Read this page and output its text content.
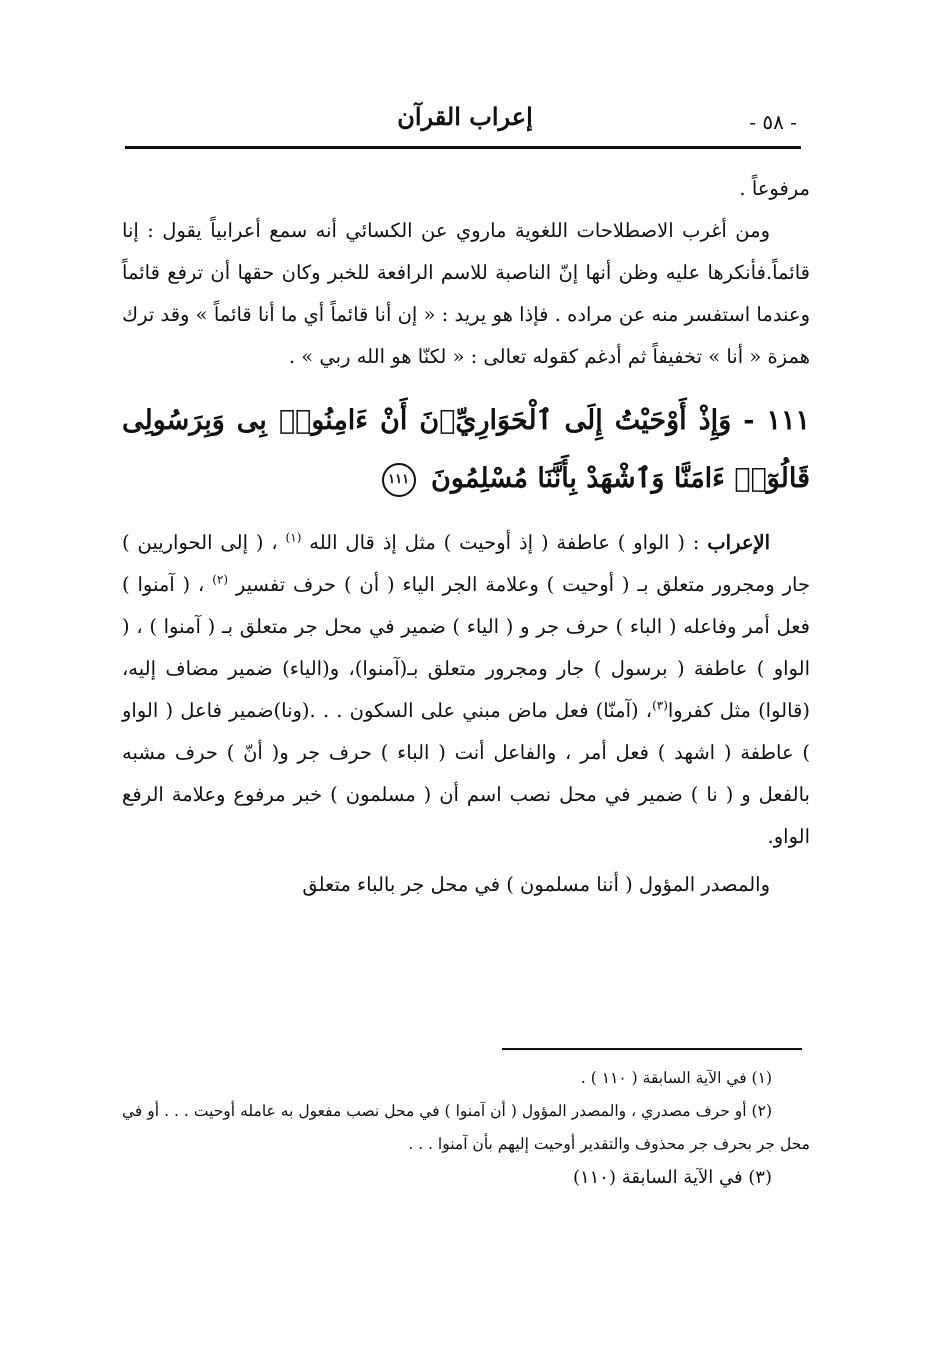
إعراب القرآن	- ٥٨ -

مرفوعاً .

ومن أغرب الاصطلاحات اللغوية ماروي عن الكسائي أنه سمع أعرابياً يقول : إنا قائماً.فأنكرها عليه وظن أنها إنّ الناصبة للاسم الرافعة للخبر وكان حقها أن ترفع قائماً وعندما استفسر منه عن مراده . فإذا هو يريد : « إن أنا قائماً أي ما أنا قائماً » وقد ترك همزة « أنا » تخفيفاً ثم أدغم كقوله تعالى : « لكنّا هو الله ربي » .

١١١ - وَإِذْ أَوْحَيْتُ إِلَى ٱلْحَوَارِيِّۦنَ أَنْ ءَامِنُوا۟ بِى وَبِرَسُولِى قَالُوٓا۟ ءَامَنَّا وَٱشْهَدْ بِأَنَّنَا مُسْلِمُونَ ١١١

الإعراب : ( الواو ) عاطفة ( إذ أوحيت ) مثل إذ قال الله $^{(١)}$ ، ( إلى الحواريين ) جار ومجرور متعلق بـ ( أوحيت ) وعلامة الجر الياء ( أن ) حرف تفسير $^{(٢)}$ ، ( آمنوا ) فعل أمر وفاعله ( الباء ) حرف جر و ( الياء ) ضمير في محل جر متعلق بـ ( آمنوا ) ، ( الواو ) عاطفة ( برسول ) جار ومجرور متعلق بـ(آمنوا)، و(الياء) ضمير مضاف إليه، (قالوا) مثل كفروا$^{(٣)}$، (آمنّا) فعل ماض مبني على السكون . . .(ونا)ضمير فاعل ( الواو ) عاطفة ( اشهد ) فعل أمر ، والفاعل أنت ( الباء ) حرف جر و( أنّ ) حرف مشبه بالفعل و ( نا ) ضمير في محل نصب اسم أن ( مسلمون ) خبر مرفوع وعلامة الرفع الواو.

والمصدر المؤول ( أننا مسلمون ) في محل جر بالباء متعلق

(١) في الآية السابقة ( ١١٠ ) .

(٢) أو حرف مصدري ، والمصدر المؤول ( أن آمنوا ) في محل نصب مفعول به عامله أوحيت . . . أو في محل جر بحرف جر محذوف والتقدير أوحيت إليهم بأن آمنوا . . .

(٣) في الآية السابقة (١١٠)
